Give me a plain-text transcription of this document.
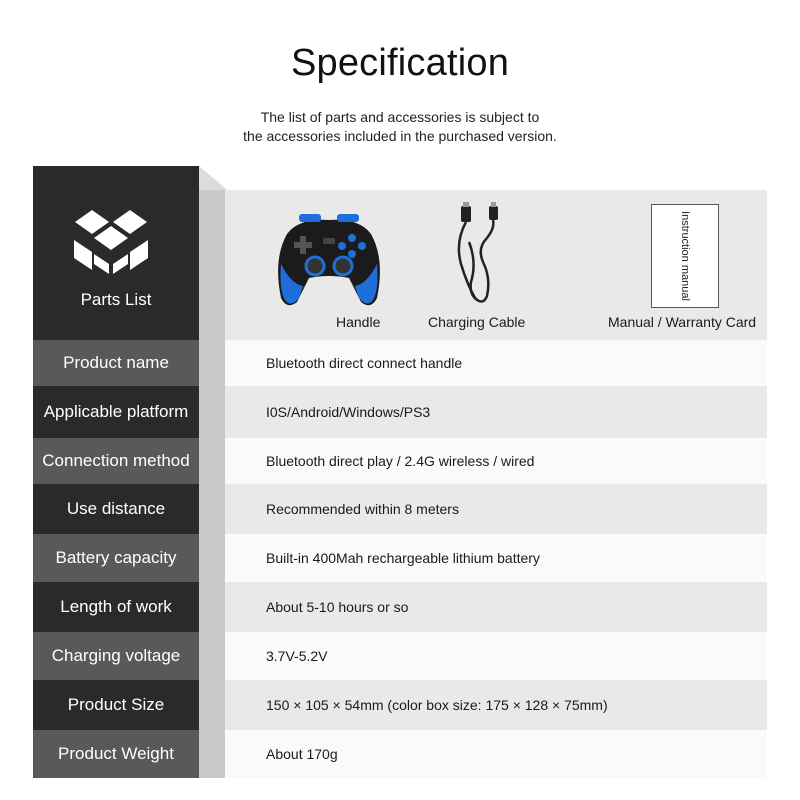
Specification
The list of parts and accessories is subject to
the accessories included in the purchased version.
Parts List
Product name
Applicable platform
Connection method
Use distance
Battery capacity
Length of work
Charging voltage
Product Size
Product Weight
Handle	Charging Cable
Instruction manual
Manual / Warranty Card
Bluetooth direct connect handle
I0S/Android/Windows/PS3
Bluetooth direct play / 2.4G wireless / wired
Recommended within 8 meters
Built-in 400Mah rechargeable lithium battery
About 5-10 hours or so
3.7V-5.2V
150 × 105 × 54mm (color box size: 175 × 128 × 75mm)
About 170g
